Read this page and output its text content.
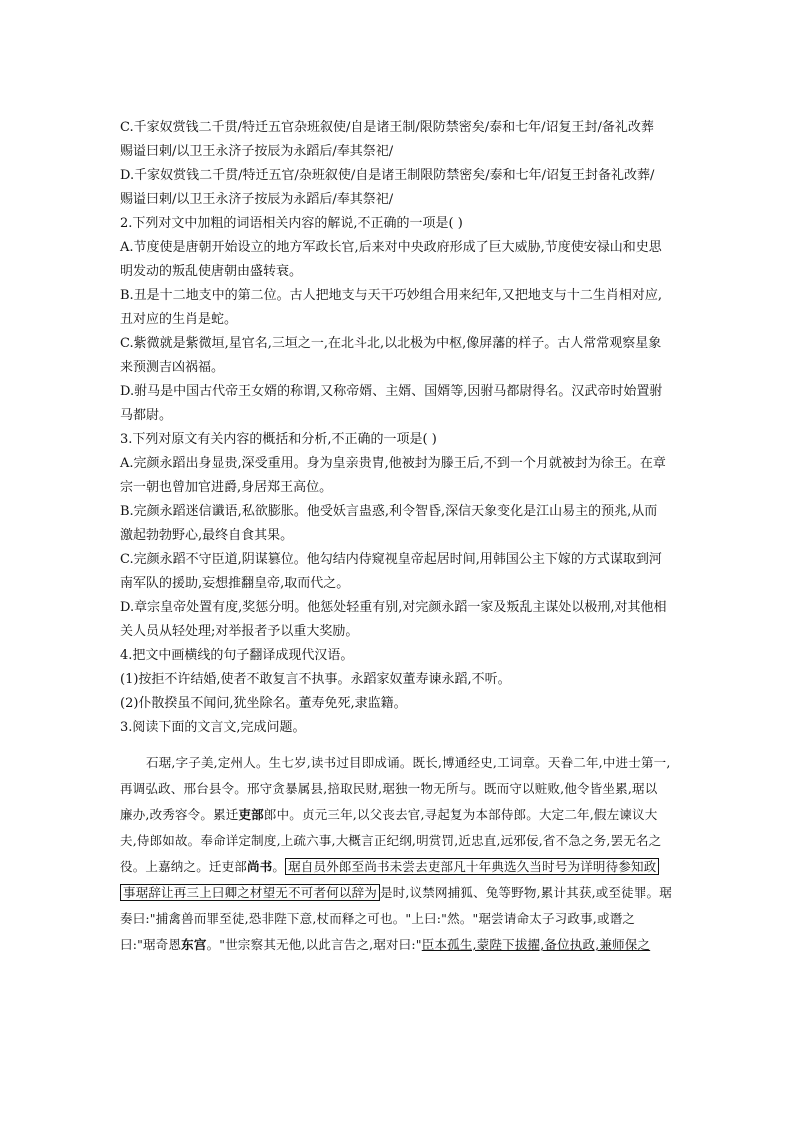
C.千家奴赏钱二千贯/特迁五官杂班叙使/自是诸王制/限防禁密矣/泰和七年/诏复王封/备礼改葬
赐谥曰剌/以卫王永济子按辰为永蹈后/奉其祭祀/
D.千家奴赏钱二千贯/特迁五官/杂班叙使/自是诸王制限防禁密矣/泰和七年/诏复王封备礼改葬/
赐谥曰剌/以卫王永济子按辰为永蹈后/奉其祭祀/
2.下列对文中加粗的词语相关内容的解说,不正确的一项是( )
A.节度使是唐朝开始设立的地方军政长官,后来对中央政府形成了巨大威胁,节度使安禄山和史思
明发动的叛乱使唐朝由盛转衰。
B.丑是十二地支中的第二位。古人把地支与天干巧妙组合用来纪年,又把地支与十二生肖相对应,
丑对应的生肖是蛇。
C.紫微就是紫微垣,星官名,三垣之一,在北斗北,以北极为中枢,像屏藩的样子。古人常常观察星象
来预测吉凶祸福。
D.驸马是中国古代帝王女婿的称谓,又称帝婿、主婿、国婿等,因驸马都尉得名。汉武帝时始置驸
马都尉。
3.下列对原文有关内容的概括和分析,不正确的一项是( )
A.完颜永蹈出身显贵,深受重用。身为皇亲贵胄,他被封为滕王后,不到一个月就被封为徐王。在章
宗一朝也曾加官进爵,身居郑王高位。
B.完颜永蹈迷信谶语,私欲膨胀。他受妖言蛊惑,利令智昏,深信天象变化是江山易主的预兆,从而
激起勃勃野心,最终自食其果。
C.完颜永蹈不守臣道,阴谋篡位。他勾结内侍窥视皇帝起居时间,用韩国公主下嫁的方式谋取到河
南军队的援助,妄想推翻皇帝,取而代之。
D.章宗皇帝处置有度,奖惩分明。他惩处轻重有别,对完颜永蹈一家及叛乱主谋处以极刑,对其他相
关人员从轻处理;对举报者予以重大奖励。
4.把文中画横线的句子翻译成现代汉语。
(1)按拒不许结婚,使者不敢复言不执事。永蹈家奴董寿谏永蹈,不听。
(2)仆散揆虽不闻问,犹坐除名。董寿免死,隶监籍。
3.阅读下面的文言文,完成问题。
石琚,字子美,定州人。生七岁,读书过目即成诵。既长,博通经史,工词章。天眷二年,中进士第一,
再调弘政、邢台县令。邢守贪暴属县,掊取民财,琚独一物无所与。既而守以赃败,他令皆坐累,琚以
廉办,改秀容令。累迁吏部郎中。贞元三年,以父丧去官,寻起复为本部侍郎。大定二年,假左谏议大
夫,侍郎如故。奉命详定制度,上疏六事,大概言正纪纲,明赏罚,近忠直,远邪佞,省不急之务,罢无名之
役。上嘉纳之。迁吏部尚书。 琚自员外郎至尚书未尝去吏部凡十年典选久当时号为详明待参知政
事琚辞让再三上曰卿之材望无不可者何以辞为 是时,议禁网捕狐、兔等野物,累计其获,或至徒罪。琚
奏曰:"捕禽兽而罪至徒,恐非陛下意,杖而释之可也。"上曰:"然。"琚尝请命太子习政事,或谮之
曰:"琚奇恩东宫。"世宗察其无他,以此言告之,琚对曰:"臣本孤生,蒙陛下拔擢,备位执政,兼师保之
